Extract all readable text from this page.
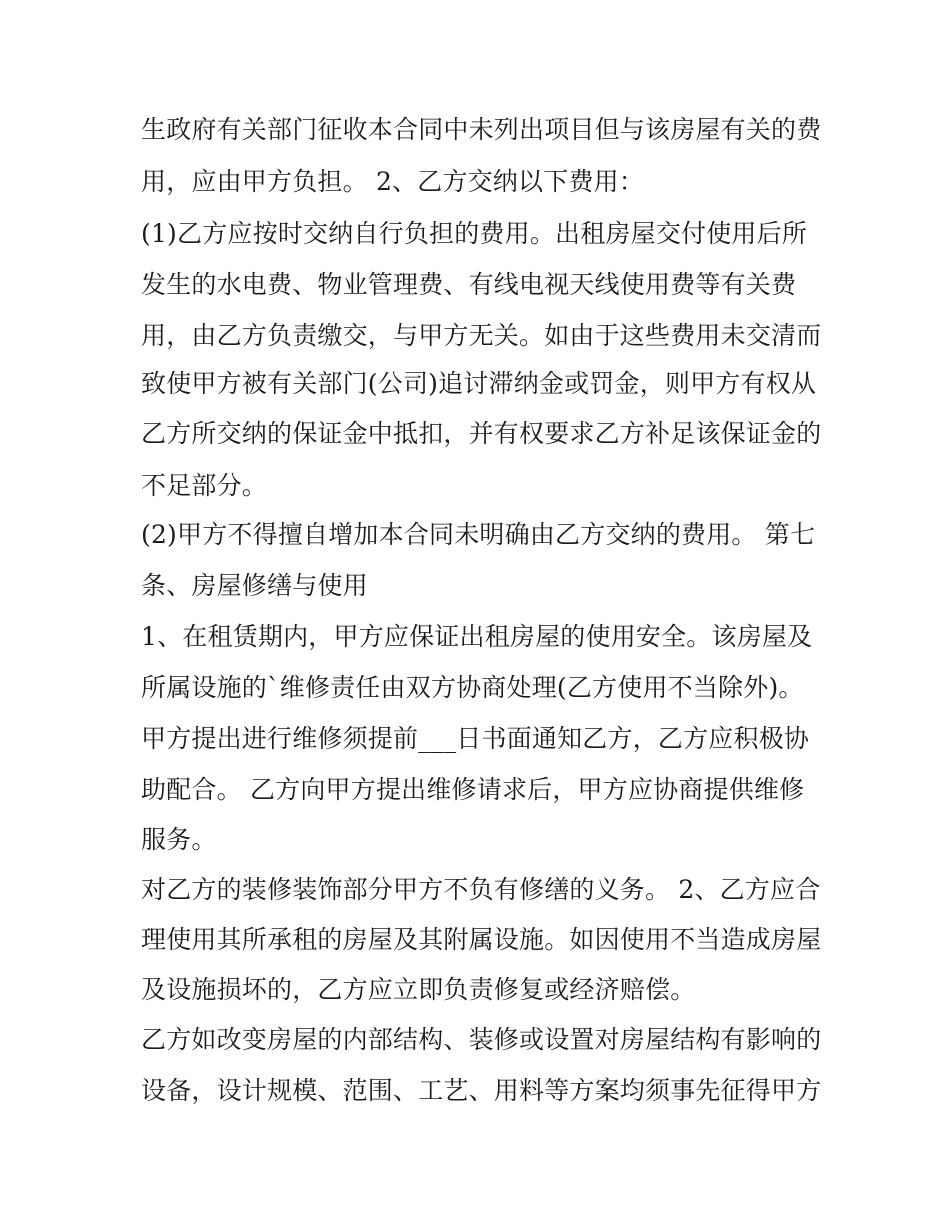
生政府有关部门征收本合同中未列出项目但与该房屋有关的费
用，应由甲方负担。 2、乙方交纳以下费用：
(1)乙方应按时交纳自行负担的费用。出租房屋交付使用后所
发生的水电费、物业管理费、有线电视天线使用费等有关费
用，由乙方负责缴交，与甲方无关。如由于这些费用未交清而
致使甲方被有关部门(公司)追讨滞纳金或罚金，则甲方有权从
乙方所交纳的保证金中抵扣，并有权要求乙方补足该保证金的
不足部分。
(2)甲方不得擅自增加本合同未明确由乙方交纳的费用。 第七
条、房屋修缮与使用
1、在租赁期内，甲方应保证出租房屋的使用安全。该房屋及
所属设施的`维修责任由双方协商处理(乙方使用不当除外)。
甲方提出进行维修须提前___日书面通知乙方，乙方应积极协
助配合。 乙方向甲方提出维修请求后，甲方应协商提供维修
服务。
对乙方的装修装饰部分甲方不负有修缮的义务。 2、乙方应合
理使用其所承租的房屋及其附属设施。如因使用不当造成房屋
及设施损坏的，乙方应立即负责修复或经济赔偿。
乙方如改变房屋的内部结构、装修或设置对房屋结构有影响的
设备，设计规模、范围、工艺、用料等方案均须事先征得甲方
